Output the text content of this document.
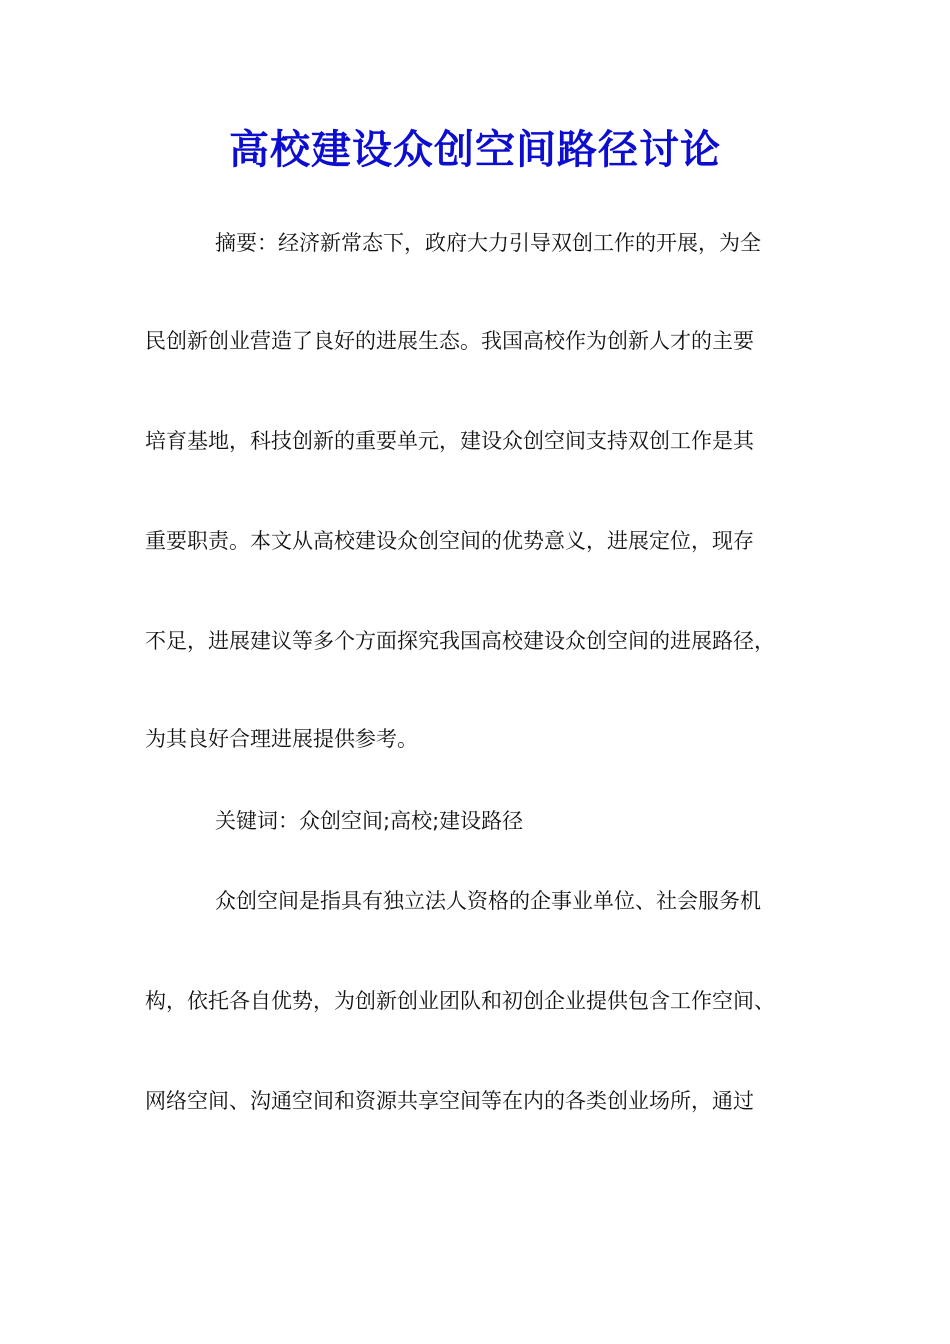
高校建设众创空间路径讨论
摘要：经济新常态下，政府大力引导双创工作的开展，为全
民创新创业营造了良好的进展生态。我国高校作为创新人才的主要
培育基地，科技创新的重要单元，建设众创空间支持双创工作是其
重要职责。本文从高校建设众创空间的优势意义，进展定位，现存
不足，进展建议等多个方面探究我国高校建设众创空间的进展路径，
为其良好合理进展提供参考。
关键词：众创空间;高校;建设路径
众创空间是指具有独立法人资格的企事业单位、社会服务机
构，依托各自优势，为创新创业团队和初创企业提供包含工作空间、
网络空间、沟通空间和资源共享空间等在内的各类创业场所，通过
